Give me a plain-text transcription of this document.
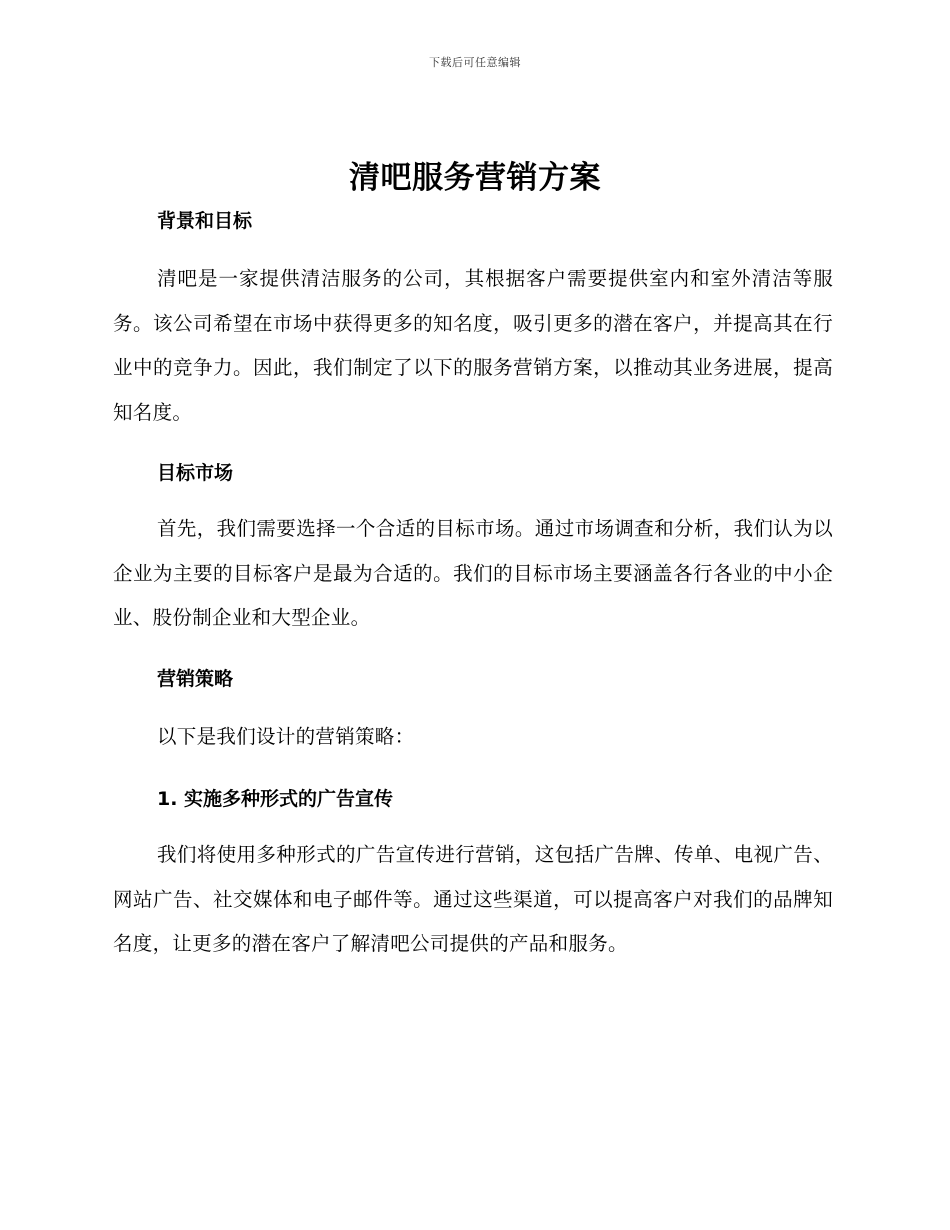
下载后可任意编辑
清吧服务营销方案
背景和目标

清吧是一家提供清洁服务的公司，其根据客户需要提供室内和室外清洁等服务。该公司希望在市场中获得更多的知名度，吸引更多的潜在客户，并提高其在行业中的竞争力。因此，我们制定了以下的服务营销方案，以推动其业务进展，提高知名度。

目标市场

首先，我们需要选择一个合适的目标市场。通过市场调查和分析，我们认为以企业为主要的目标客户是最为合适的。我们的目标市场主要涵盖各行各业的中小企业、股份制企业和大型企业。

营销策略

以下是我们设计的营销策略：

1. 实施多种形式的广告宣传

我们将使用多种形式的广告宣传进行营销，这包括广告牌、传单、电视广告、网站广告、社交媒体和电子邮件等。通过这些渠道，可以提高客户对我们的品牌知名度，让更多的潜在客户了解清吧公司提供的产品和服务。
